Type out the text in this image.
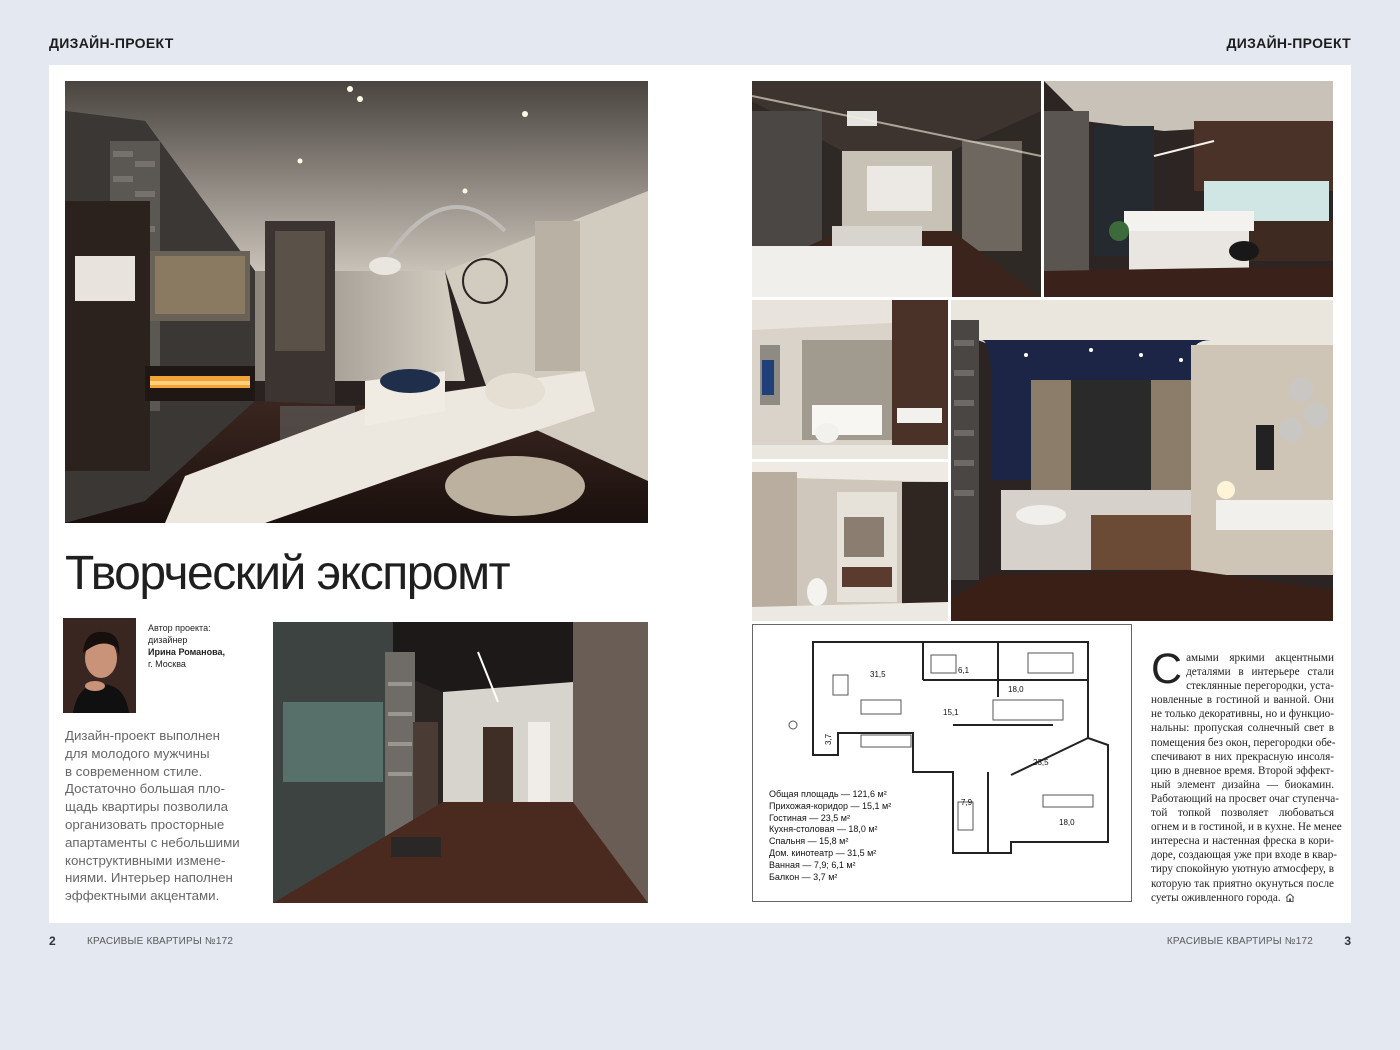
ДИЗАЙН-ПРОЕКТ	ДИЗАЙН-ПРОЕКТ
Творческий экспромт
Автор проекта:
дизайнер
Ирина Романова,
г. Москва
Дизайн-проект выполнен
для молодого мужчины
в современном стиле.
Достаточно большая пло-
щадь квартиры позволила
организовать просторные
апартаменты с небольшими
конструктивными измене-
ниями. Интерьер наполнен
эффектными акцентами.
31,5	6,1
18,0
15,1
23,5
3,7
7,9
18,0
Общая площадь — 121,6 м²
Прихожая-коридор — 15,1 м²
Гостиная — 23,5 м²
Кухня-столовая — 18,0 м²
Спальня — 15,8 м²
Дом. кинотеатр — 31,5 м²
Ванная — 7,9; 6,1 м²
Балкон — 3,7 м²
С амыми яркими акцентными
деталями в интерьере стали
стеклянные перегородки, уста-
новленные в гостиной и ванной. Они
не только декоративны, но и функцио-
нальны: пропуская солнечный свет в
помещения без окон, перегородки обе-
спечивают в них прекрасную инсоля-
цию в дневное время. Второй эффект-
ный элемент дизайна — биокамин.
Работающий на просвет очаг ступенча-
той топкой позволяет любоваться
огнем и в гостиной, и в кухне. Не менее
интересна и настенная фреска в кори-
доре, создающая уже при входе в квар-
тиру спокойную уютную атмосферу, в
которую так приятно окунуться после
суеты оживленного города.
2	КРАСИВЫЕ КВАРТИРЫ №172	КРАСИВЫЕ КВАРТИРЫ №172	3
